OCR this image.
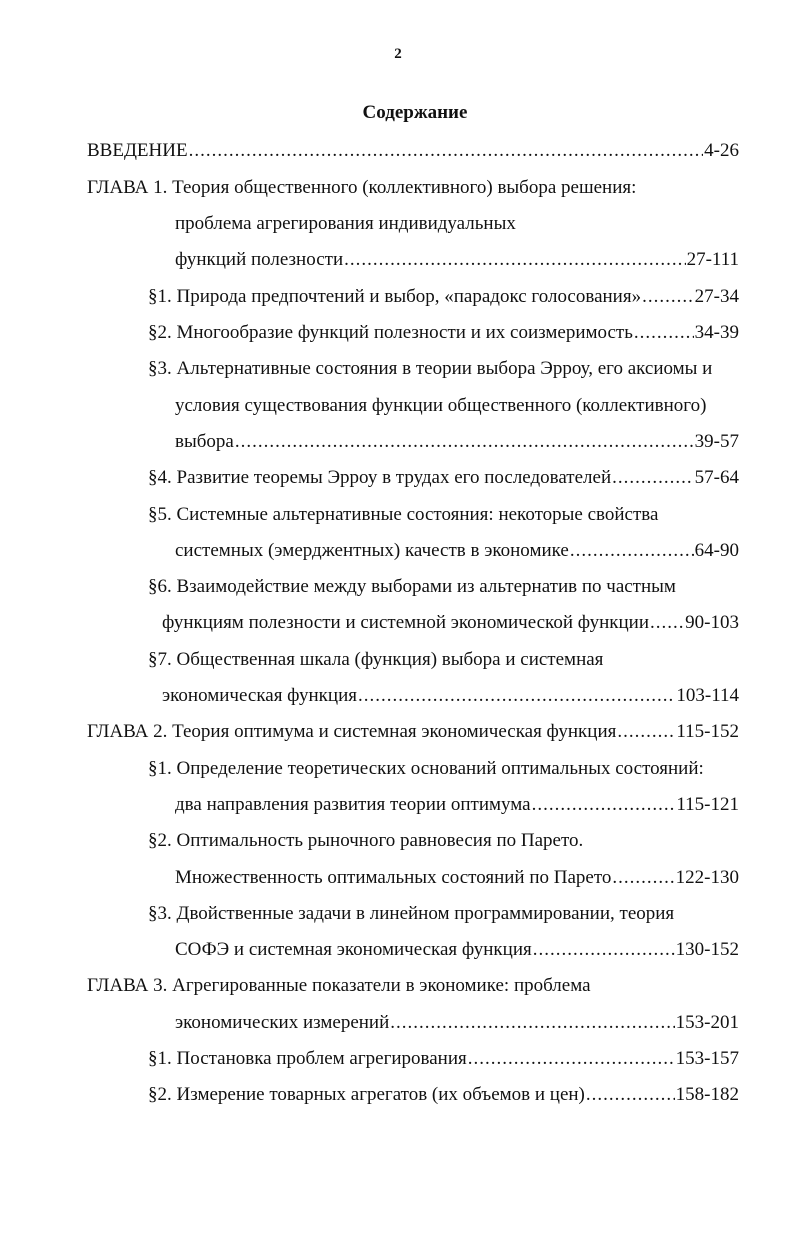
2
Содержание
ВВЕДЕНИЕ .....	4-26
ГЛАВА 1. Теория общественного (коллективного) выбора решения:
проблема агрегирования индивидуальных
функций полезности .....	27-111
§1. Природа предпочтений и выбор, «парадокс голосования» .....	27-34
§2. Многообразие функций полезности и их соизмеримость .....	34-39
§3. Альтернативные состояния в теории выбора Эрроу, его аксиомы и
условия существования функции общественного (коллективного)
выбора .....	39-57
§4. Развитие теоремы Эрроу в трудах его последователей .....	57-64
§5. Системные альтернативные состояния: некоторые свойства
системных (эмерджентных) качеств в экономике .....	64-90
§6. Взаимодействие между выборами из альтернатив по частным
функциям полезности и системной экономической функции ..... 90-103
§7. Общественная шкала (функция) выбора и системная
экономическая функция .....	103-114
ГЛАВА 2. Теория оптимума и системная экономическая функция .....	115-152
§1. Определение теоретических оснований оптимальных состояний:
два направления развития теории оптимума .....	115-121
§2. Оптимальность рыночного равновесия по Парето.
Множественность оптимальных состояний по Парето .....	122-130
§3. Двойственные задачи в линейном программировании, теория
СОФЭ и системная экономическая функция .....	130-152
ГЛАВА 3. Агрегированные показатели в экономике: проблема
экономических измерений .....	153-201
§1. Постановка проблем агрегирования .....	153-157
§2. Измерение товарных агрегатов (их объемов и цен) .....	158-182
